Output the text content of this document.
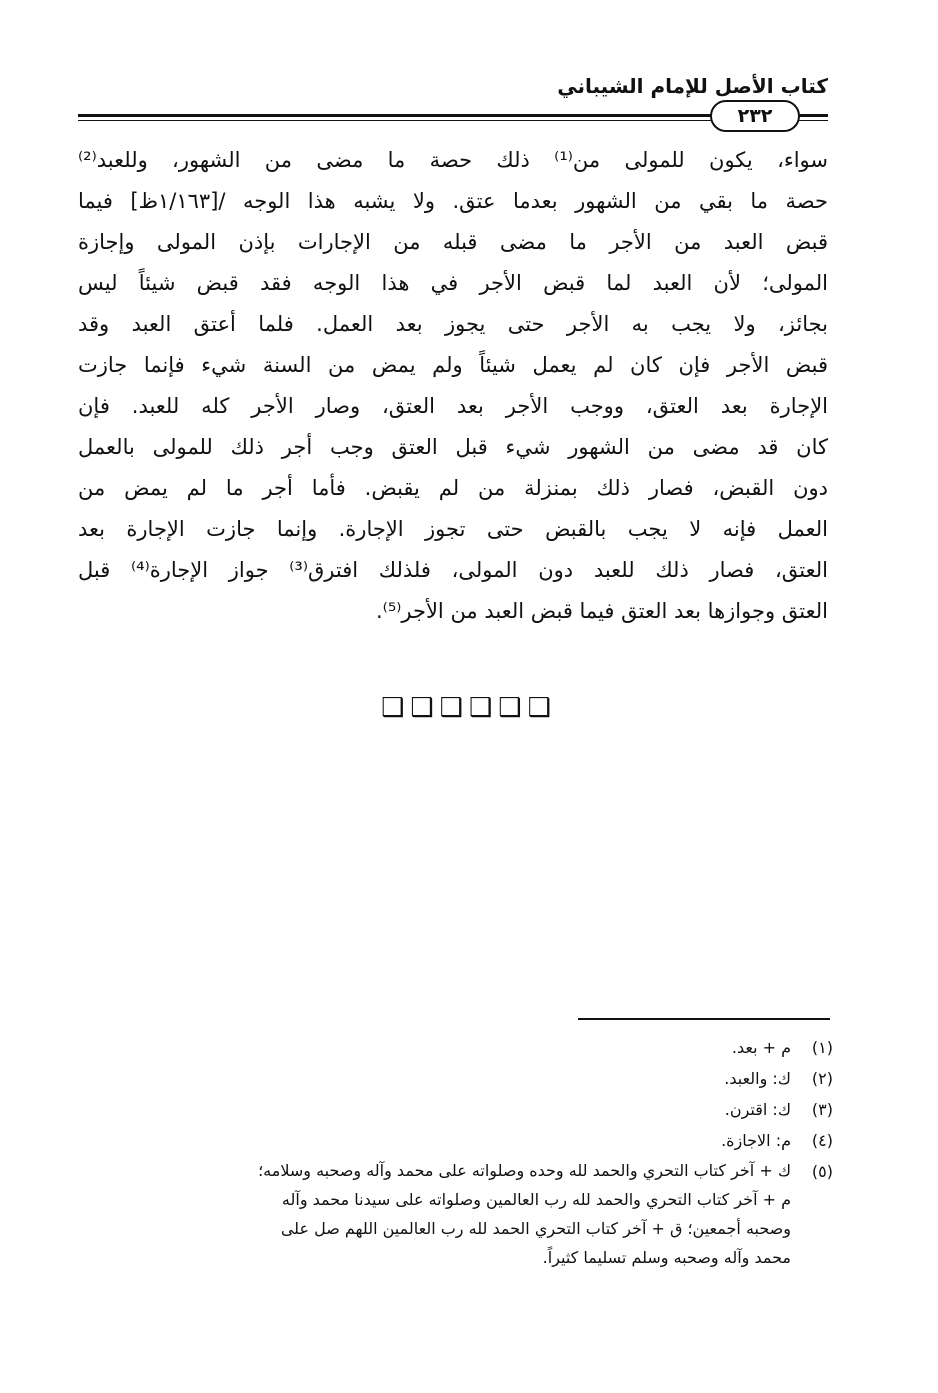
كتاب الأصل للإمام الشيباني
٢٣٢
سواء، يكون للمولى من⁽¹⁾ ذلك حصة ما مضى من الشهور، وللعبد⁽²⁾
حصة ما بقي من الشهور بعدما عتق. ولا يشبه هذا الوجه /[١/١٦٣ظ] فيما
قبض العبد من الأجر ما مضى قبله من الإجارات بإذن المولى وإجازة
المولى؛ لأن العبد لما قبض الأجر في هذا الوجه فقد قبض شيئاً ليس
بجائز، ولا يجب به الأجر حتى يجوز بعد العمل. فلما أعتق العبد وقد
قبض الأجر فإن كان لم يعمل شيئاً ولم يمض من السنة شيء فإنما جازت
الإجارة بعد العتق، ووجب الأجر بعد العتق، وصار الأجر كله للعبد. فإن
كان قد مضى من الشهور شيء قبل العتق وجب أجر ذلك للمولى بالعمل
دون القبض، فصار ذلك بمنزلة من لم يقبض. فأما أجر ما لم يمض من
العمل فإنه لا يجب بالقبض حتى تجوز الإجارة. وإنما جازت الإجارة بعد
العتق، فصار ذلك للعبد دون المولى، فلذلك افترق⁽³⁾ جواز الإجارة⁽⁴⁾ قبل
العتق وجوازها بعد العتق فيما قبض العبد من الأجر⁽⁵⁾.
❑❑❑❑❑❑
(١)
م + بعد.
(٢)
ك: والعبد.
(٣)
ك: اقترن.
(٤)
م: الاجازة.
(٥)
ك + آخر كتاب التحري والحمد لله وحده وصلواته على محمد وآله وصحبه وسلامه؛
م + آخر كتاب التحري والحمد لله رب العالمين وصلواته على سيدنا محمد وآله
وصحبه أجمعين؛ ق + آخر كتاب التحري الحمد لله رب العالمين اللهم صل على
محمد وآله وصحبه وسلم تسليما كثيراً.
